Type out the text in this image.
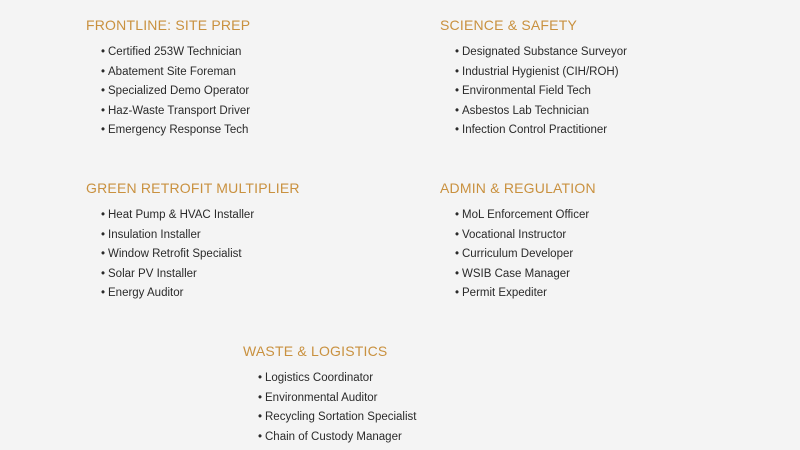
FRONTLINE: SITE PREP
• Certified 253W Technician
• Abatement Site Foreman
• Specialized Demo Operator
• Haz-Waste Transport Driver
• Emergency Response Tech
SCIENCE & SAFETY
• Designated Substance Surveyor
• Industrial Hygienist (CIH/ROH)
• Environmental Field Tech
• Asbestos Lab Technician
• Infection Control Practitioner
GREEN RETROFIT MULTIPLIER
• Heat Pump & HVAC Installer
• Insulation Installer
• Window Retrofit Specialist
• Solar PV Installer
• Energy Auditor
ADMIN & REGULATION
• MoL Enforcement Officer
• Vocational Instructor
• Curriculum Developer
• WSIB Case Manager
• Permit Expediter
WASTE & LOGISTICS
• Logistics Coordinator
• Environmental Auditor
• Recycling Sortation Specialist
• Chain of Custody Manager
